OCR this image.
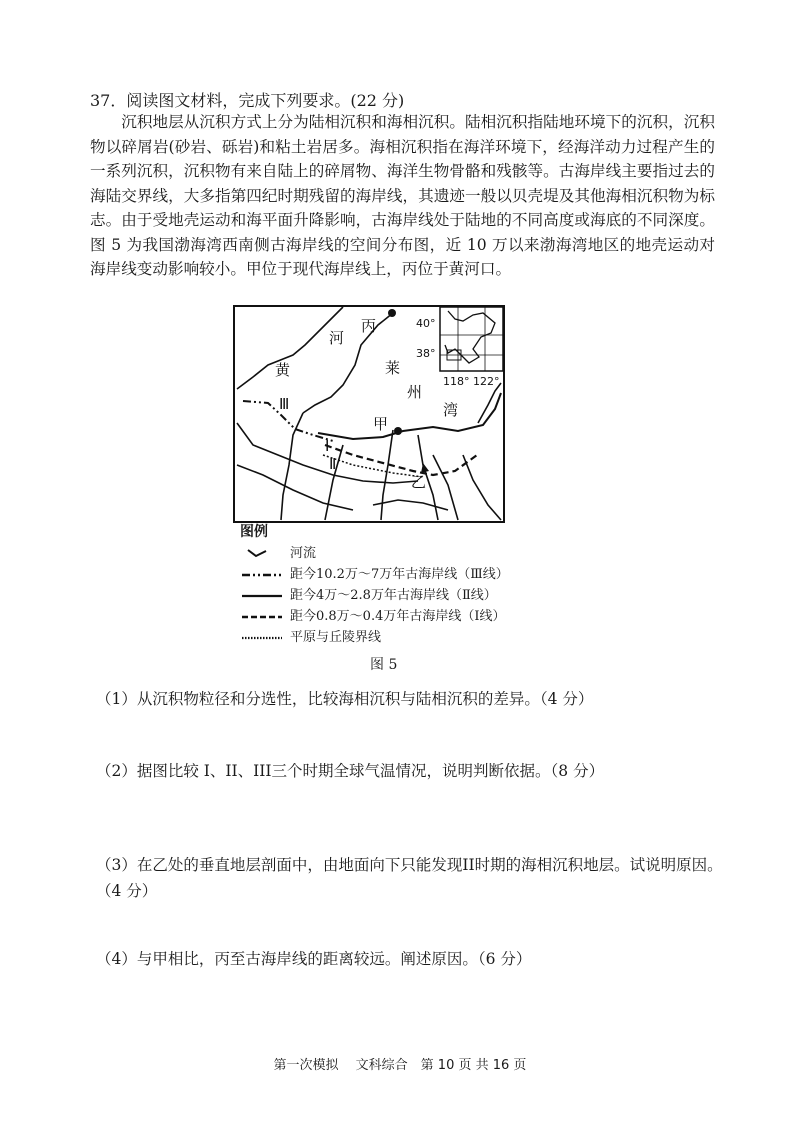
37．阅读图文材料，完成下列要求。(22 分)

沉积地层从沉积方式上分为陆相沉积和海相沉积。陆相沉积指陆地环境下的沉积，沉积物以碎屑岩(砂岩、砾岩)和粘土岩居多。海相沉积指在海洋环境下，经海洋动力过程产生的一系列沉积，沉积物有来自陆上的碎屑物、海洋生物骨骼和残骸等。古海岸线主要指过去的海陆交界线，大多指第四纪时期残留的海岸线，其遗迹一般以贝壳堤及其他海相沉积物为标志。由于受地壳运动和海平面升降影响，古海岸线处于陆地的不同高度或海底的不同深度。图 5 为我国渤海湾西南侧古海岸线的空间分布图，近 10 万以来渤海湾地区的地壳运动对海岸线变动影响较小。甲位于现代海岸线上，丙位于黄河口。

40°
38°
118° 122°
河
黄
丙
莱
州
湾
甲
乙
Ⅰ
Ⅱ
Ⅲ
图例
河流
距今10.2万～7万年古海岸线（Ⅲ线）
距今4万～2.8万年古海岸线（Ⅱ线）
距今0.8万～0.4万年古海岸线（Ⅰ线）
平原与丘陵界线
图 5
（1）从沉积物粒径和分选性，比较海相沉积与陆相沉积的差异。（4 分）
（2）据图比较 I、II、III三个时期全球气温情况，说明判断依据。（8 分）
（3）在乙处的垂直地层剖面中，由地面向下只能发现II时期的海相沉积地层。试说明原因。（4 分）
（4）与甲相比，丙至古海岸线的距离较远。阐述原因。（6 分）
第一次模拟　 文科综合　第 10 页 共 16 页
